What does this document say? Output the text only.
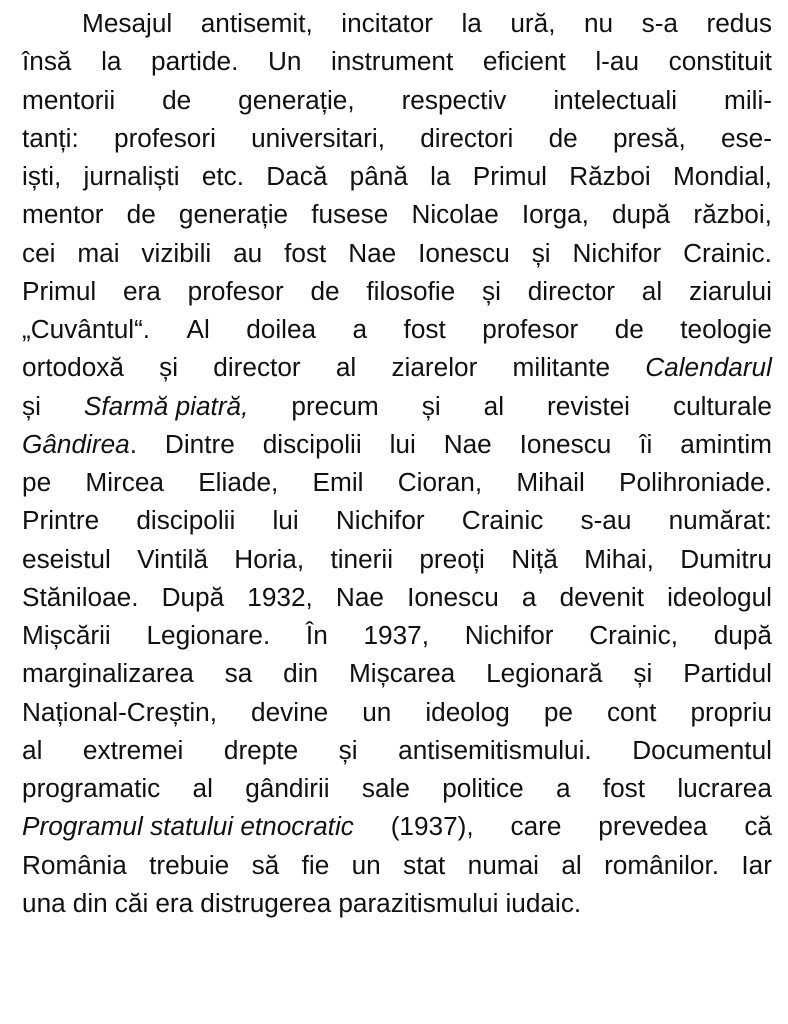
Mesajul antisemit, incitator la ură, nu s-a redus
însă la partide. Un instrument eficient l-au constituit
mentorii de generație, respectiv intelectuali mili-
tanți: profesori universitari, directori de presă, ese-
iști, jurnaliști etc. Dacă până la Primul Război Mondial,
mentor de generație fusese Nicolae Iorga, după război,
cei mai vizibili au fost Nae Ionescu și Nichifor Crainic.
Primul era profesor de filosofie și director al ziarului
„Cuvântul“. Al doilea a fost profesor de teologie
ortodoxă și director al ziarelor militante Calendarul
și Sfarmă piatră, precum și al revistei culturale
Gândirea. Dintre discipolii lui Nae Ionescu îi amintim
pe Mircea Eliade, Emil Cioran, Mihail Polihroniade.
Printre discipolii lui Nichifor Crainic s-au numărat:
eseistul Vintilă Horia, tinerii preoți Niță Mihai, Dumitru
Stăniloae. După 1932, Nae Ionescu a devenit ideologul
Mișcării Legionare. În 1937, Nichifor Crainic, după
marginalizarea sa din Mișcarea Legionară și Partidul
Național-Creștin, devine un ideolog pe cont propriu
al extremei drepte și antisemitismului. Documentul
programatic al gândirii sale politice a fost lucrarea
Programul statului etnocratic (1937), care prevedea că
România trebuie să fie un stat numai al românilor. Iar
una din căi era distrugerea parazitismului iudaic.
